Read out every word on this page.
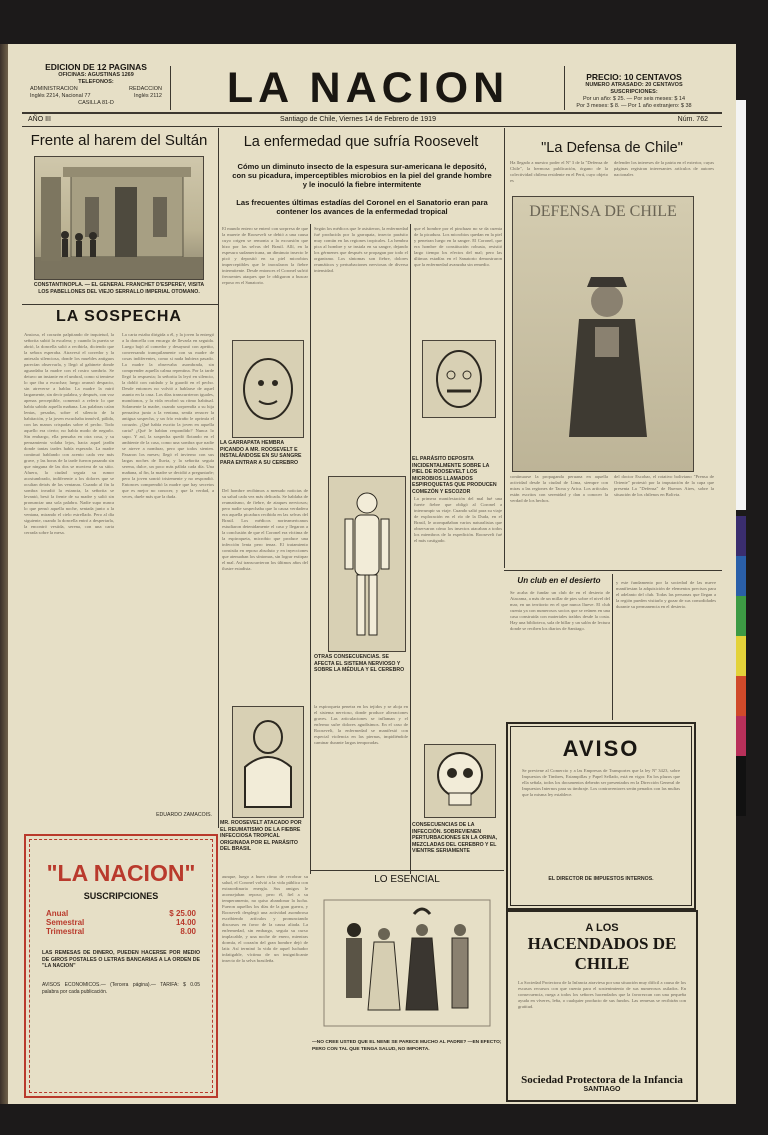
EDICION DE 12 PAGINAS
OFICINAS: AGUSTINAS 1269
TELEFONOS:
ADMINISTRACION
Inglés 2214, Nacional 77
REDACCION
Inglés 2112
CASILLA 81-D	LA NACION	PRECIO: 10 CENTAVOS
NUMERO ATRASADO: 20 CENTAVOS
SUSCRIPCIONES:
Por un año: $ 25. — Por seis meses: $ 14
Por 3 meses: $ 8. — Por 1 año extranjero: $ 38
AÑO III	Santiago de Chile, Viernes 14 de Febrero de 1919	Núm. 762
Frente al harem del Sultán
CONSTANTINOPLA. — EL GENERAL FRANCHET D'ESPEREY, VISITA LOS PABELLONES DEL VIEJO SERRALLO IMPERIAL OTOMANO.
LA SOSPECHA
Ansiosa, el corazón palpitando de inquietud, la señorita subió la escalera; y cuando la puerta se abrió, la doncella salió a recibirla, diciendo que la señora esperaba. Atravesó el corredor y la antesala silenciosa, donde los muebles antiguos parecían observarla, y llegó al gabinete donde aguardaba la madre con el rostro sombrío. Se detuvo un instante en el umbral, como si temiese lo que iba a escuchar; luego avanzó despacio, sin atreverse a hablar. La madre la miró largamente, sin decir palabra, y después, con voz apenas perceptible, comenzó a referir lo que había sabido aquella mañana. Las palabras caían lentas, pesadas, sobre el silencio de la habitación, y la joven escuchaba inmóvil, pálida, con las manos crispadas sobre el pecho. Todo aquello era cierto; no había modo de negarlo. Sin embargo, ella pensaba en otra cosa, y su pensamiento volaba lejos, hacia aquel jardín donde tantas tardes había esperado. La madre continuó hablando con acento cada vez más grave, y las horas de la tarde fueron pasando sin que ninguna de las dos se moviera de su sitio. Afuera, la ciudad seguía su rumor acostumbrado, indiferente a los dolores que se ocultan detrás de las ventanas. Cuando al fin la sombra invadió la estancia, la señorita se levantó, besó la frente de su madre y salió sin pronunciar una sola palabra. Nadie supo nunca lo que pensó aquella noche, sentada junto a la ventana, mirando el cielo estrellado. Pero al día siguiente, cuando la doncella entró a despertarla, la encontró vestida, serena, con una carta cerrada sobre la mesa.
La carta estaba dirigida a él, y la joven la entregó a la doncella con encargo de llevarla en seguida. Luego bajó al comedor y desayunó con apetito, conversando tranquilamente con su madre de cosas indiferentes, como si nada hubiera pasado. La madre la observaba asombrada, sin comprender aquella calma repentina. Por la tarde llegó la respuesta; la señorita la leyó en silencio, la dobló con cuidado y la guardó en el pecho. Desde entonces no volvió a hablarse de aquel asunto en la casa. Los días transcurrieron iguales, monótonos, y la vida recobró su ritmo habitual. Solamente la madre, cuando sorprendía a su hija pensativa junto a la ventana, sentía renacer la antigua sospecha, y un frío extraño le oprimía el corazón. ¿Qué había escrito la joven en aquella carta? ¿Qué le habían respondido? Nunca lo supo. Y así, la sospecha quedó flotando en el ambiente de la casa, como una sombra que nadie se atreve a nombrar, pero que todos sienten. Pasaron los meses; llegó el invierno con sus largas noches de lluvia, y la señorita seguía serena, dulce, un poco más pálida cada día. Una mañana, al fin, la madre se decidió a preguntarle; pero la joven sonrió tristemente y no respondió. Entonces comprendió la madre que hay secretos que es mejor no conocer, y que la verdad, a veces, duele más que la duda.
EDUARDO ZAMACOIS.
"LA NACION"
SUSCRIPCIONES
Anual	$ 25.00
Semestral	14.00
Trimestral	8.00
LAS REMESAS DE DINERO, PUEDEN HACERSE POR MEDIO DE GIROS POSTALES O LETRAS BANCARIAS A LA ORDEN DE "LA NACION"
AVISOS ECONOMICOS.— (Tercera página).— TARIFA: $ 0.05 palabra por cada publicación.
La enfermedad que sufría Roosevelt
Cómo un diminuto insecto de la espesura sur-americana le depositó, con su picadura, imperceptibles microbios en la piel del grande hombre y le inoculó la fiebre intermitente
Las frecuentes últimas estadías del Coronel en el Sanatorio eran para contener los avances de la enfermedad tropical
El mundo entero se enteró con sorpresa de que la muerte de Roosevelt se debió a una causa cuyo origen se remonta a la excursión que hizo por las selvas del Brasil. Allí, en la espesura sudamericana, un diminuto insecto le picó y depositó en su piel microbios imperceptibles que le inocularon la fiebre intermitente. Desde entonces el Coronel sufrió frecuentes ataques que le obligaron a buscar reposo en el Sanatorio.
Según los médicos que le asistieron, la enfermedad fué producida por la garrapata, insecto parásito muy común en las regiones tropicales. La hembra pica al hombre y se instala en su sangre, dejando los gérmenes que después se propagan por todo el organismo. Los síntomas son fiebre, dolores reumáticos y perturbaciones nerviosas de diversa intensidad.
que el hombre por el pinchazo no se da cuenta de la picadura. Los microbios quedan en la piel y penetran luego en la sangre. El Coronel, que era hombre de constitución robusta, resistió largo tiempo los efectos del mal; pero las últimas estadías en el Sanatorio demostraron que la enfermedad avanzaba sin remedio.
LA GARRAPATA HEMBRA PICANDO A MR. ROOSEVELT E INSTALÁNDOSE EN SU SANGRE PARA ENTRAR A SU CEREBRO
Del hombre recibimos a menudo noticias de su salud cada vez más delicada. Se hablaba de reumatismo, de fiebre, de ataques nerviosos; pero nadie sospechaba que la causa verdadera era aquella picadura recibida en las selvas del Brasil. Los médicos norteamericanos estudiaron detenidamente el caso y llegaron a la conclusión de que el Coronel era víctima de la espiroqueta, microbio que produce una infección lenta pero tenaz. El tratamiento consistía en reposo absoluto y en inyecciones que atenuaban los síntomas, sin lograr extirpar el mal. Así transcurrieron los últimos años del ilustre estadista.
OTRAS CONSECUENCIAS. SE AFECTA EL SISTEMA NERVIOSO Y SOBRE LA MÉDULA Y EL CEREBRO
EL PARÁSITO DEPOSITA INCIDENTALMENTE SOBRE LA PIEL DE ROOSEVELT LOS MICROBIOS LLAMADOS ESPIROQUETAS QUE PRODUCEN COMEZÓN Y ESCOZOR
La primera manifestación del mal fué una fuerte fiebre que obligó al Coronel a interrumpir su viaje. Cuando salió para su viaje de exploración en el río de la Duda, en el Brasil, le acompañaban varios naturalistas que observaron cómo los insectos atacaban a todos los miembros de la expedición. Roosevelt fué el más castigado.
la espiroqueta penetra en los tejidos y se aloja en el sistema nervioso, donde produce alteraciones graves. Las articulaciones se inflaman y el enfermo sufre dolores agudísimos. En el caso de Roosevelt, la enfermedad se manifestó con especial violencia en las piernas, impidiéndole caminar durante largas temporadas.
MR. ROOSEVELT ATACADO POR EL REUMATISMO DE LA FIEBRE INFECCIOSA TROPICAL ORIGINADA POR EL PARÁSITO DEL BRASIL
CONSECUENCIAS DE LA INFECCIÓN. SOBREVIENEN PERTURBACIONES EN LA ORINA, MEZCLADAS DEL CEREBRO Y EL VIENTRE SERIAMENTE
LO ESENCIAL
—NO CREE USTED QUE EL NENE SE PARECE MUCHO AL PADRE? —EN EFECTO; PERO CON TAL QUE TENGA SALUD, NO IMPORTA.
aunque, luego a buen ritmo de recobrar su salud, el Coronel volvió a la vida pública con extraordinaria energía. Sus amigos le aconsejaban reposo; pero él, fiel a su temperamento, no quiso abandonar la lucha. Fueron aquellos los días de la gran guerra, y Roosevelt desplegó una actividad asombrosa escribiendo artículos y pronunciando discursos en favor de la causa aliada. La enfermedad, sin embargo, seguía su curso implacable, y una noche de enero, mientras dormía, el corazón del gran hombre dejó de latir. Así terminó la vida de aquel luchador infatigable, víctima de un insignificante insecto de la selva brasileña.
"La Defensa de Chile"
Ha llegado a nuestro poder el Nº 3 de la "Defensa de Chile", la hermosa publicación, órgano de la colectividad chilena residente en el Perú, cuyo objeto es
defender los intereses de la patria en el exterior, cuyas páginas registran interesantes artículos de autores nacionales
DEFENSA DE CHILE
continuarse la propaganda peruana en aquella actividad desde la ciudad de Lima, siempre con miras a las regiones de Tacna y Arica. Los artículos están escritos con serenidad y dan a conocer la verdad de los hechos.
del doctor Escobar, el rotativo boliviano "Prensa de Oriente" protestó por la imputación de la capa que presenta La "Defensa" de Buenos Aires, sobre la situación de los chilenos en Bolivia.
Un club en el desierto
Se acaba de fundar un club de en el desierto de Atacama, a más de un millar de pies sobre el nivel del mar, en un territorio en el que nunca llueve. El club cuenta ya con numerosos socios que se reúnen en una casa construida con materiales traídos desde la costa. Hay una biblioteca, sala de billar y un salón de lectura donde se reciben los diarios de Santiago.
y este fundamento por la sociedad de las nueve manifiestan la adquisición de elementos precisos para el adelanto del club. Todas las personas que llegan a la región pueden visitarlo y gozar de sus comodidades durante su permanencia en el desierto.
AVISO
Se previene al Comercio y a las Empresas de Transportes que la ley Nº 3423, sobre Impuestos de Timbres, Estampillas y Papel Sellado, está en vigor. En los plazos que ella señala, todos los documentos deberán ser presentados en la Dirección General de Impuestos Internos para su timbraje. Los contraventores serán penados con las multas que la misma ley establece.
EL DIRECTOR DE IMPUESTOS INTERNOS.
A LOS
HACENDADOS DE CHILE
La Sociedad Protectora de la Infancia atraviesa por una situación muy difícil a causa de los escasos recursos con que cuenta para el sostenimiento de sus numerosos asilados. En consecuencia, ruega a todos los señores hacendados que la favorezcan con una pequeña ayuda en víveres, leña, o cualquier producto de sus fundos. Las remesas se recibirán con gratitud.
Sociedad Protectora de la Infancia
SANTIAGO
